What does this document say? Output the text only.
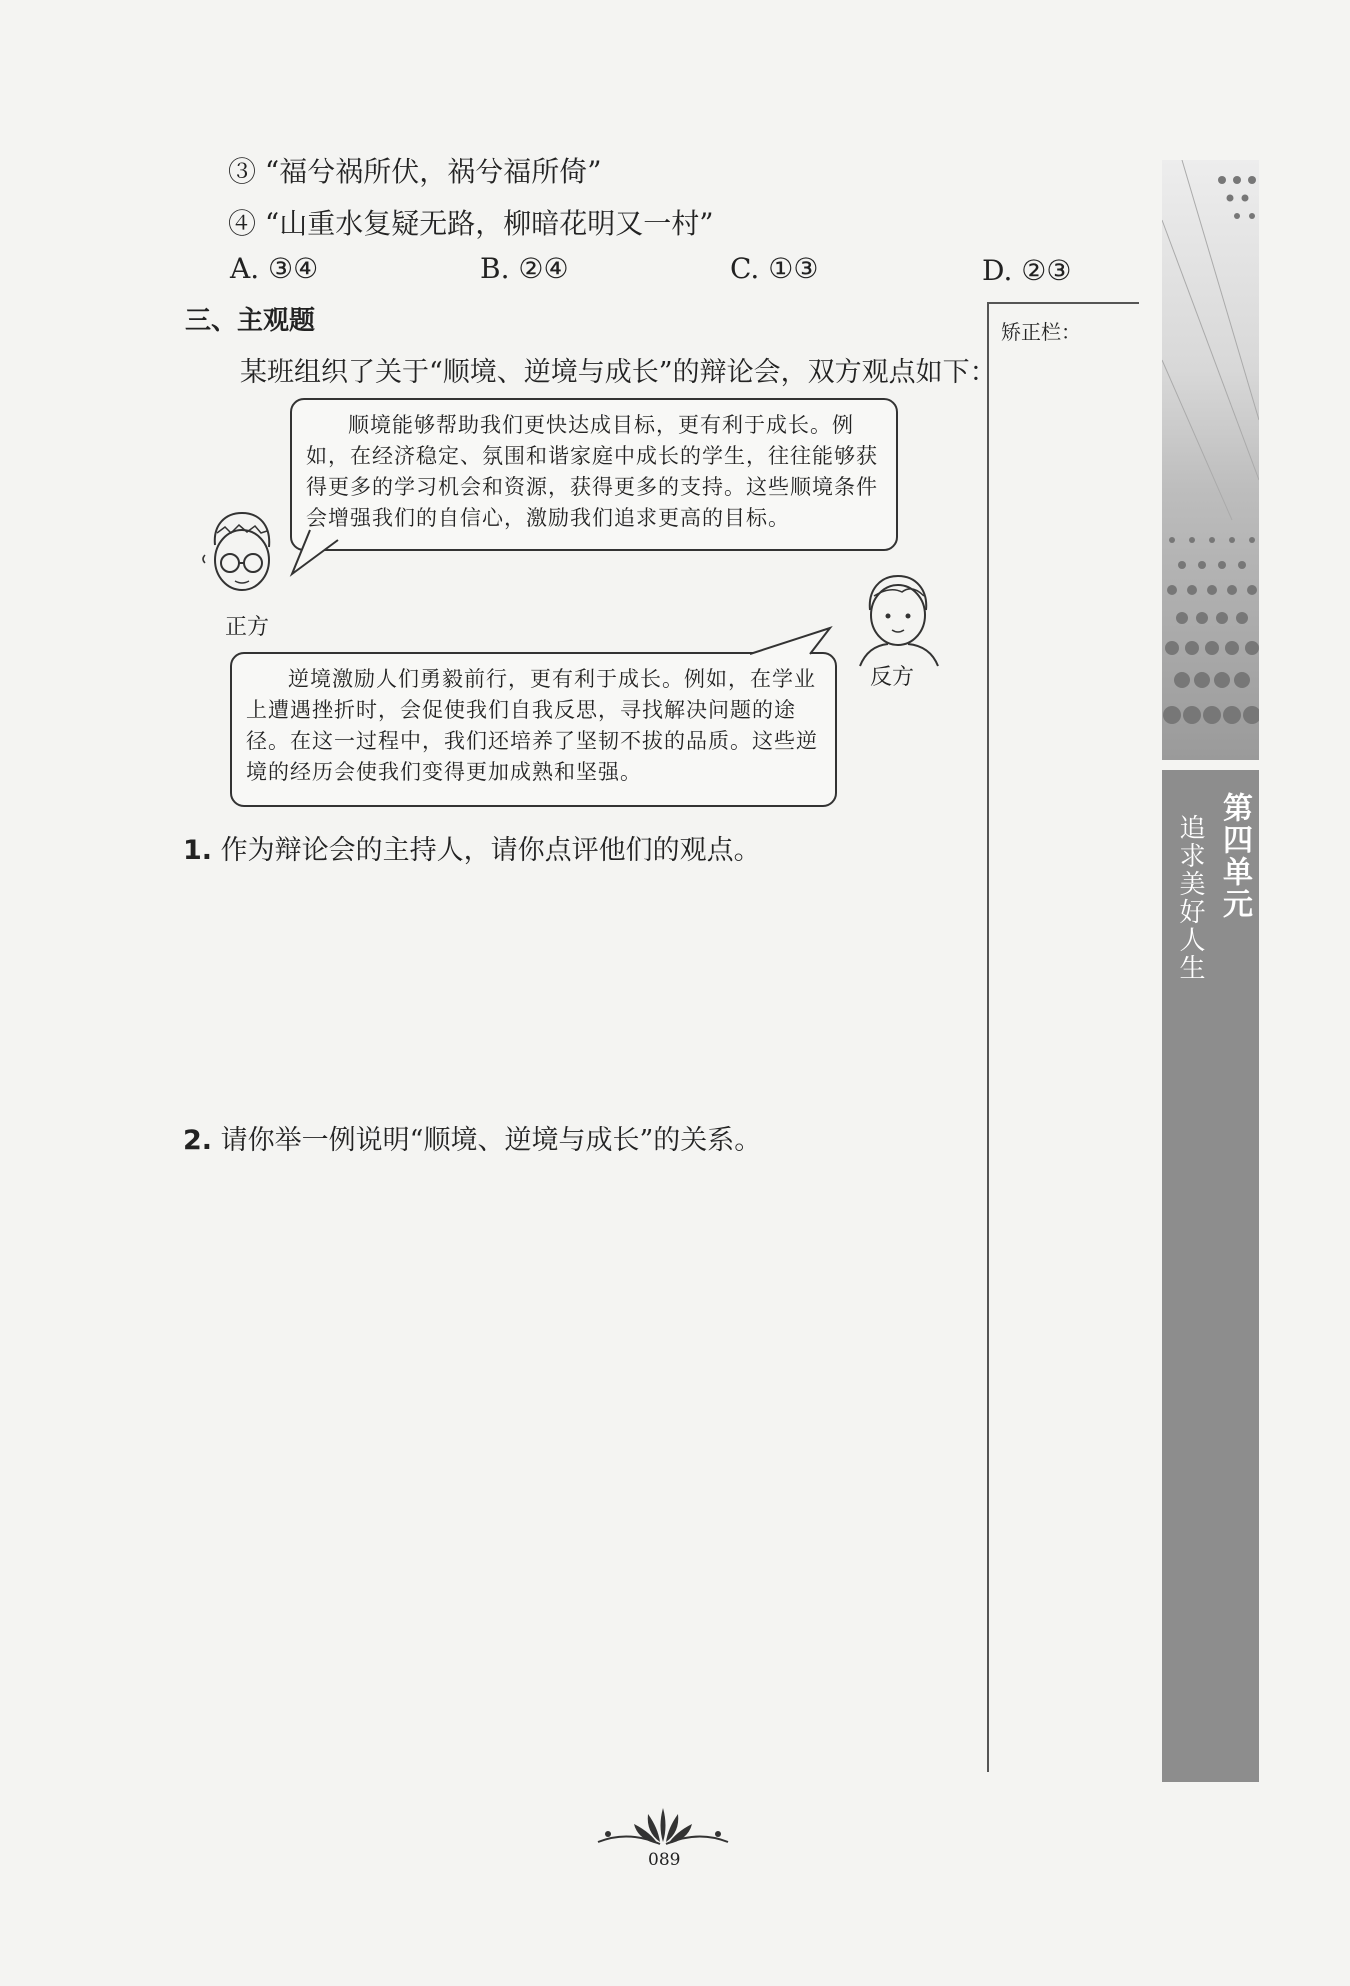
③ “福兮祸所伏，祸兮福所倚”
④ “山重水复疑无路，柳暗花明又一村”
A. ③④	B. ②④	C. ①③	D. ②③
三、主观题
某班组织了关于“顺境、逆境与成长”的辩论会，双方观点如下：

顺境能够帮助我们更快达成目标，更有利于成长。例如，在经济稳定、氛围和谐家庭中成长的学生，往往能够获得更多的学习机会和资源，获得更多的支持。这些顺境条件会增强我们的自信心，激励我们追求更高的目标。

正方
反方

逆境激励人们勇毅前行，更有利于成长。例如，在学业上遭遇挫折时，会促使我们自我反思，寻找解决问题的途径。在这一过程中，我们还培养了坚韧不拔的品质。这些逆境的经历会使我们变得更加成熟和坚强。

1. 作为辩论会的主持人，请你点评他们的观点。
2. 请你举一例说明“顺境、逆境与成长”的关系。
矫正栏：
第四单元
追求美好人生
089
